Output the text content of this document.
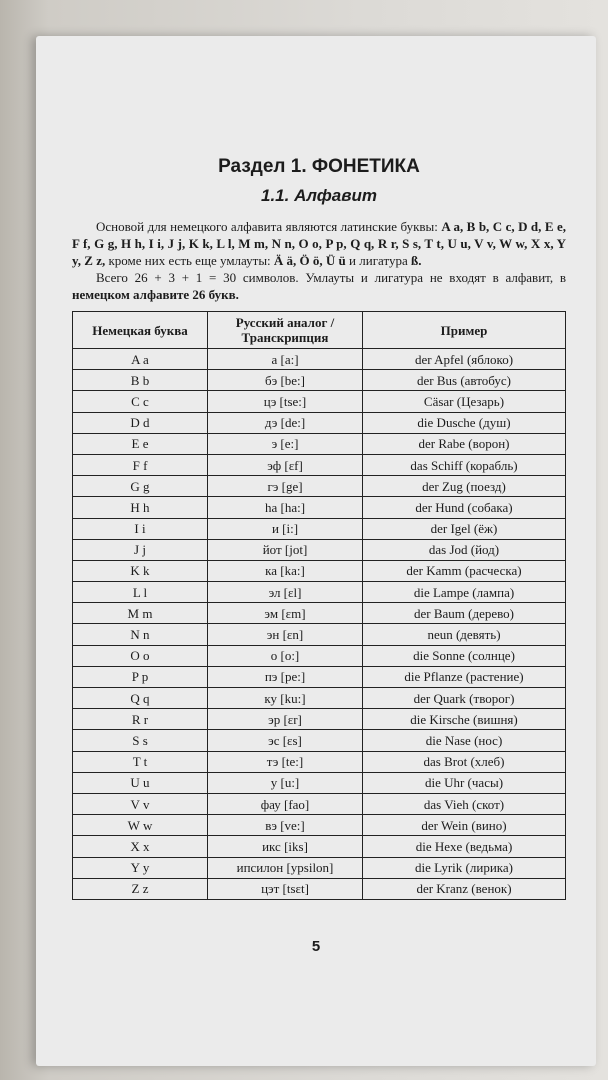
Раздел 1. ФОНЕТИКА
1.1. Алфавит

Основой для немецкого алфавита являются латинские буквы: A a, B b, C c, D d, E e, F f, G g, H h, I i, J j, K k, L l, M m, N n, O o, P p, Q q, R r, S s, T t, U u, V v, W w, X x, Y y, Z z, кроме них есть еще умлауты: Ä ä, Ö ö, Ü ü и лигатура ß.

Всего 26 + 3 + 1 = 30 символов. Умлауты и лигатура не входят в алфавит, в немецком алфавите 26 букв.

Немецкая буква	Русский аналог / Транскрипция	Пример
A a	а [a:]	der Apfel (яблоко)
B b	бэ [be:]	der Bus (автобус)
C c	цэ [tse:]	Cäsar (Цезарь)
D d	дэ [de:]	die Dusche (душ)
E e	э [e:]	der Rabe (ворон)
F f	эф [ɛf]	das Schiff (корабль)
G g	гэ [ge]	der Zug (поезд)
H h	ha [ha:]	der Hund (собака)
I i	и [i:]	der Igel (ёж)
J j	йот [jot]	das Jod (йод)
K k	ка [ka:]	der Kamm (расческа)
L l	эл [ɛl]	die Lampe (лампа)
M m	эм [ɛm]	der Baum (дерево)
N n	эн [ɛn]	neun (девять)
O o	о [o:]	die Sonne (солнце)
P p	пэ [pe:]	die Pflanze (растение)
Q q	ку [ku:]	der Quark (творог)
R r	эр [ɛr]	die Kirsche (вишня)
S s	эс [ɛs]	die Nase (нос)
T t	тэ [te:]	das Brot (хлеб)
U u	у [u:]	die Uhr (часы)
V v	фау [fao]	das Vieh (скот)
W w	вэ [ve:]	der Wein (вино)
X x	икс [iks]	die Hexe (ведьма)
Y y	ипсилон [ypsilon]	die Lyrik (лирика)
Z z	цэт [tsɛt]	der Kranz (венок)
5
